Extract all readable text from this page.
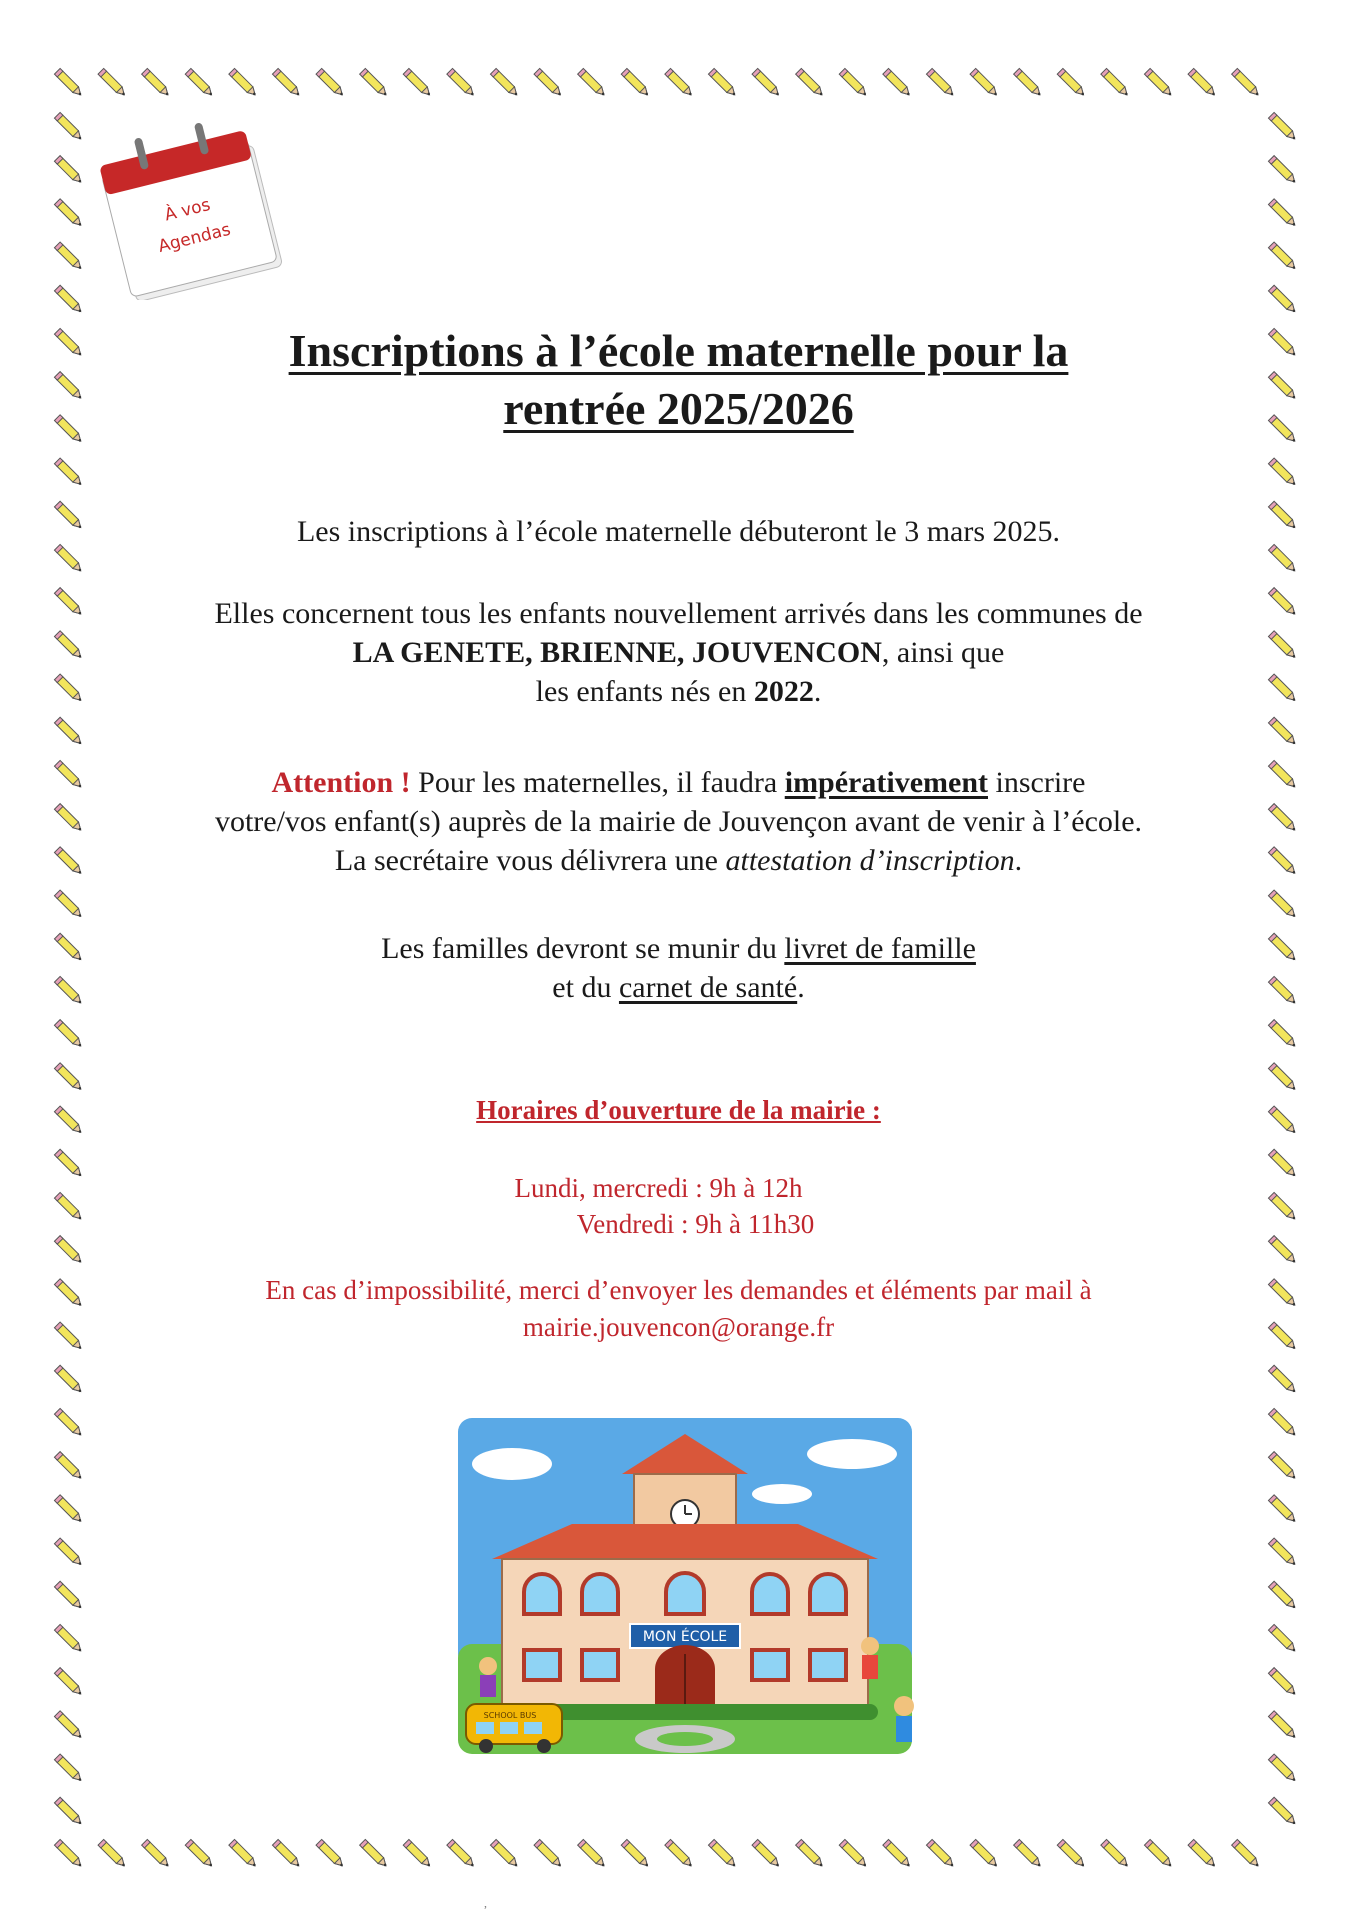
À vos
Agendas
Inscriptions à l’école maternelle pour la
rentrée 2025/2026
Les inscriptions à l’école maternelle débuteront le 3 mars 2025.
Elles concernent tous les enfants nouvellement arrivés dans les communes de
LA GENETE, BRIENNE, JOUVENCON, ainsi que
les enfants nés en 2022.
Attention ! Pour les maternelles, il faudra impérativement inscrire
votre/vos enfant(s) auprès de la mairie de Jouvençon avant de venir à l’école.
La secrétaire vous délivrera une attestation d’inscription.
Les familles devront se munir du livret de famille
et du carnet de santé.
Horaires d’ouverture de la mairie :
Lundi, mercredi : 9h à 12h
Vendredi : 9h à 11h30
En cas d’impossibilité, merci d’envoyer les demandes et éléments par mail à
mairie.jouvencon@orange.fr
MON ÉCOLE
SCHOOL BUS
,
